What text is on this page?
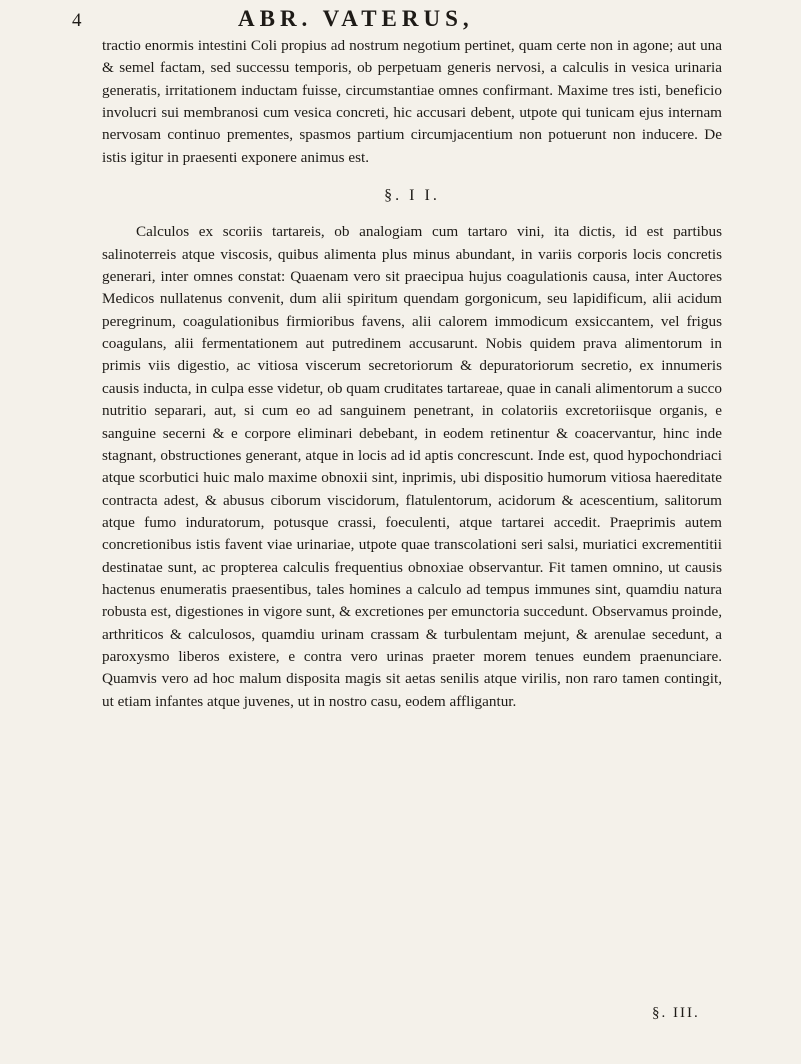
4	ABR. VATERUS,

tractio enormis intestini Coli propius ad nostrum negotium pertinet, quam certe non in agone; aut una & semel factam, sed successu temporis, ob perpetuam generis nervosi, a calculis in vesica urinaria generatis, irritationem inductam fuisse, circumstantiae omnes confirmant. Maxime tres isti, beneficio involucri sui membranosi cum vesica concreti, hic accusari debent, utpote qui tunicam ejus internam nervosam continuo prementes, spasmos partium circumjacentium non potuerunt non inducere. De istis igitur in praesenti exponere animus est.

§. I I.

Calculos ex scoriis tartareis, ob analogiam cum tartaro vini, ita dictis, id est partibus salinoterreis atque viscosis, quibus alimenta plus minus abundant, in variis corporis locis concretis generari, inter omnes constat: Quaenam vero sit praecipua hujus coagulationis causa, inter Auctores Medicos nullatenus convenit, dum alii spiritum quendam gorgonicum, seu lapidificum, alii acidum peregrinum, coagulationibus firmioribus favens, alii calorem immodicum exsiccantem, vel frigus coagulans, alii fermentationem aut putredinem accusarunt. Nobis quidem prava alimentorum in primis viis digestio, ac vitiosa viscerum secretoriorum & depuratoriorum secretio, ex innumeris causis inducta, in culpa esse videtur, ob quam cruditates tartareae, quae in canali alimentorum a succo nutritio separari, aut, si cum eo ad sanguinem penetrant, in colatoriis excretoriisque organis, e sanguine secerni & e corpore eliminari debebant, in eodem retinentur & coacervantur, hinc inde stagnant, obstructiones generant, atque in locis ad id aptis concrescunt. Inde est, quod hypochondriaci atque scorbutici huic malo maxime obnoxii sint, inprimis, ubi dispositio humorum vitiosa haereditate contracta adest, & abusus ciborum viscidorum, flatulentorum, acidorum & acescentium, salitorum atque fumo induratorum, potusque crassi, foeculenti, atque tartarei accedit. Praeprimis autem concretionibus istis favent viae urinariae, utpote quae transcolationi seri salsi, muriatici excrementitii destinatae sunt, ac propterea calculis frequentius obnoxiae observantur. Fit tamen omnino, ut causis hactenus enumeratis praesentibus, tales homines a calculo ad tempus immunes sint, quamdiu natura robusta est, digestiones in vigore sunt, & excretiones per emunctoria succedunt. Observamus proinde, arthriticos & calculosos, quamdiu urinam crassam & turbulentam mejunt, & arenulae secedunt, a paroxysmo liberos existere, e contra vero urinas praeter morem tenues eundem praenunciare. Quamvis vero ad hoc malum disposita magis sit aetas senilis atque virilis, non raro tamen contingit, ut etiam infantes atque juvenes, ut in nostro casu, eodem affligantur.

§. III.
